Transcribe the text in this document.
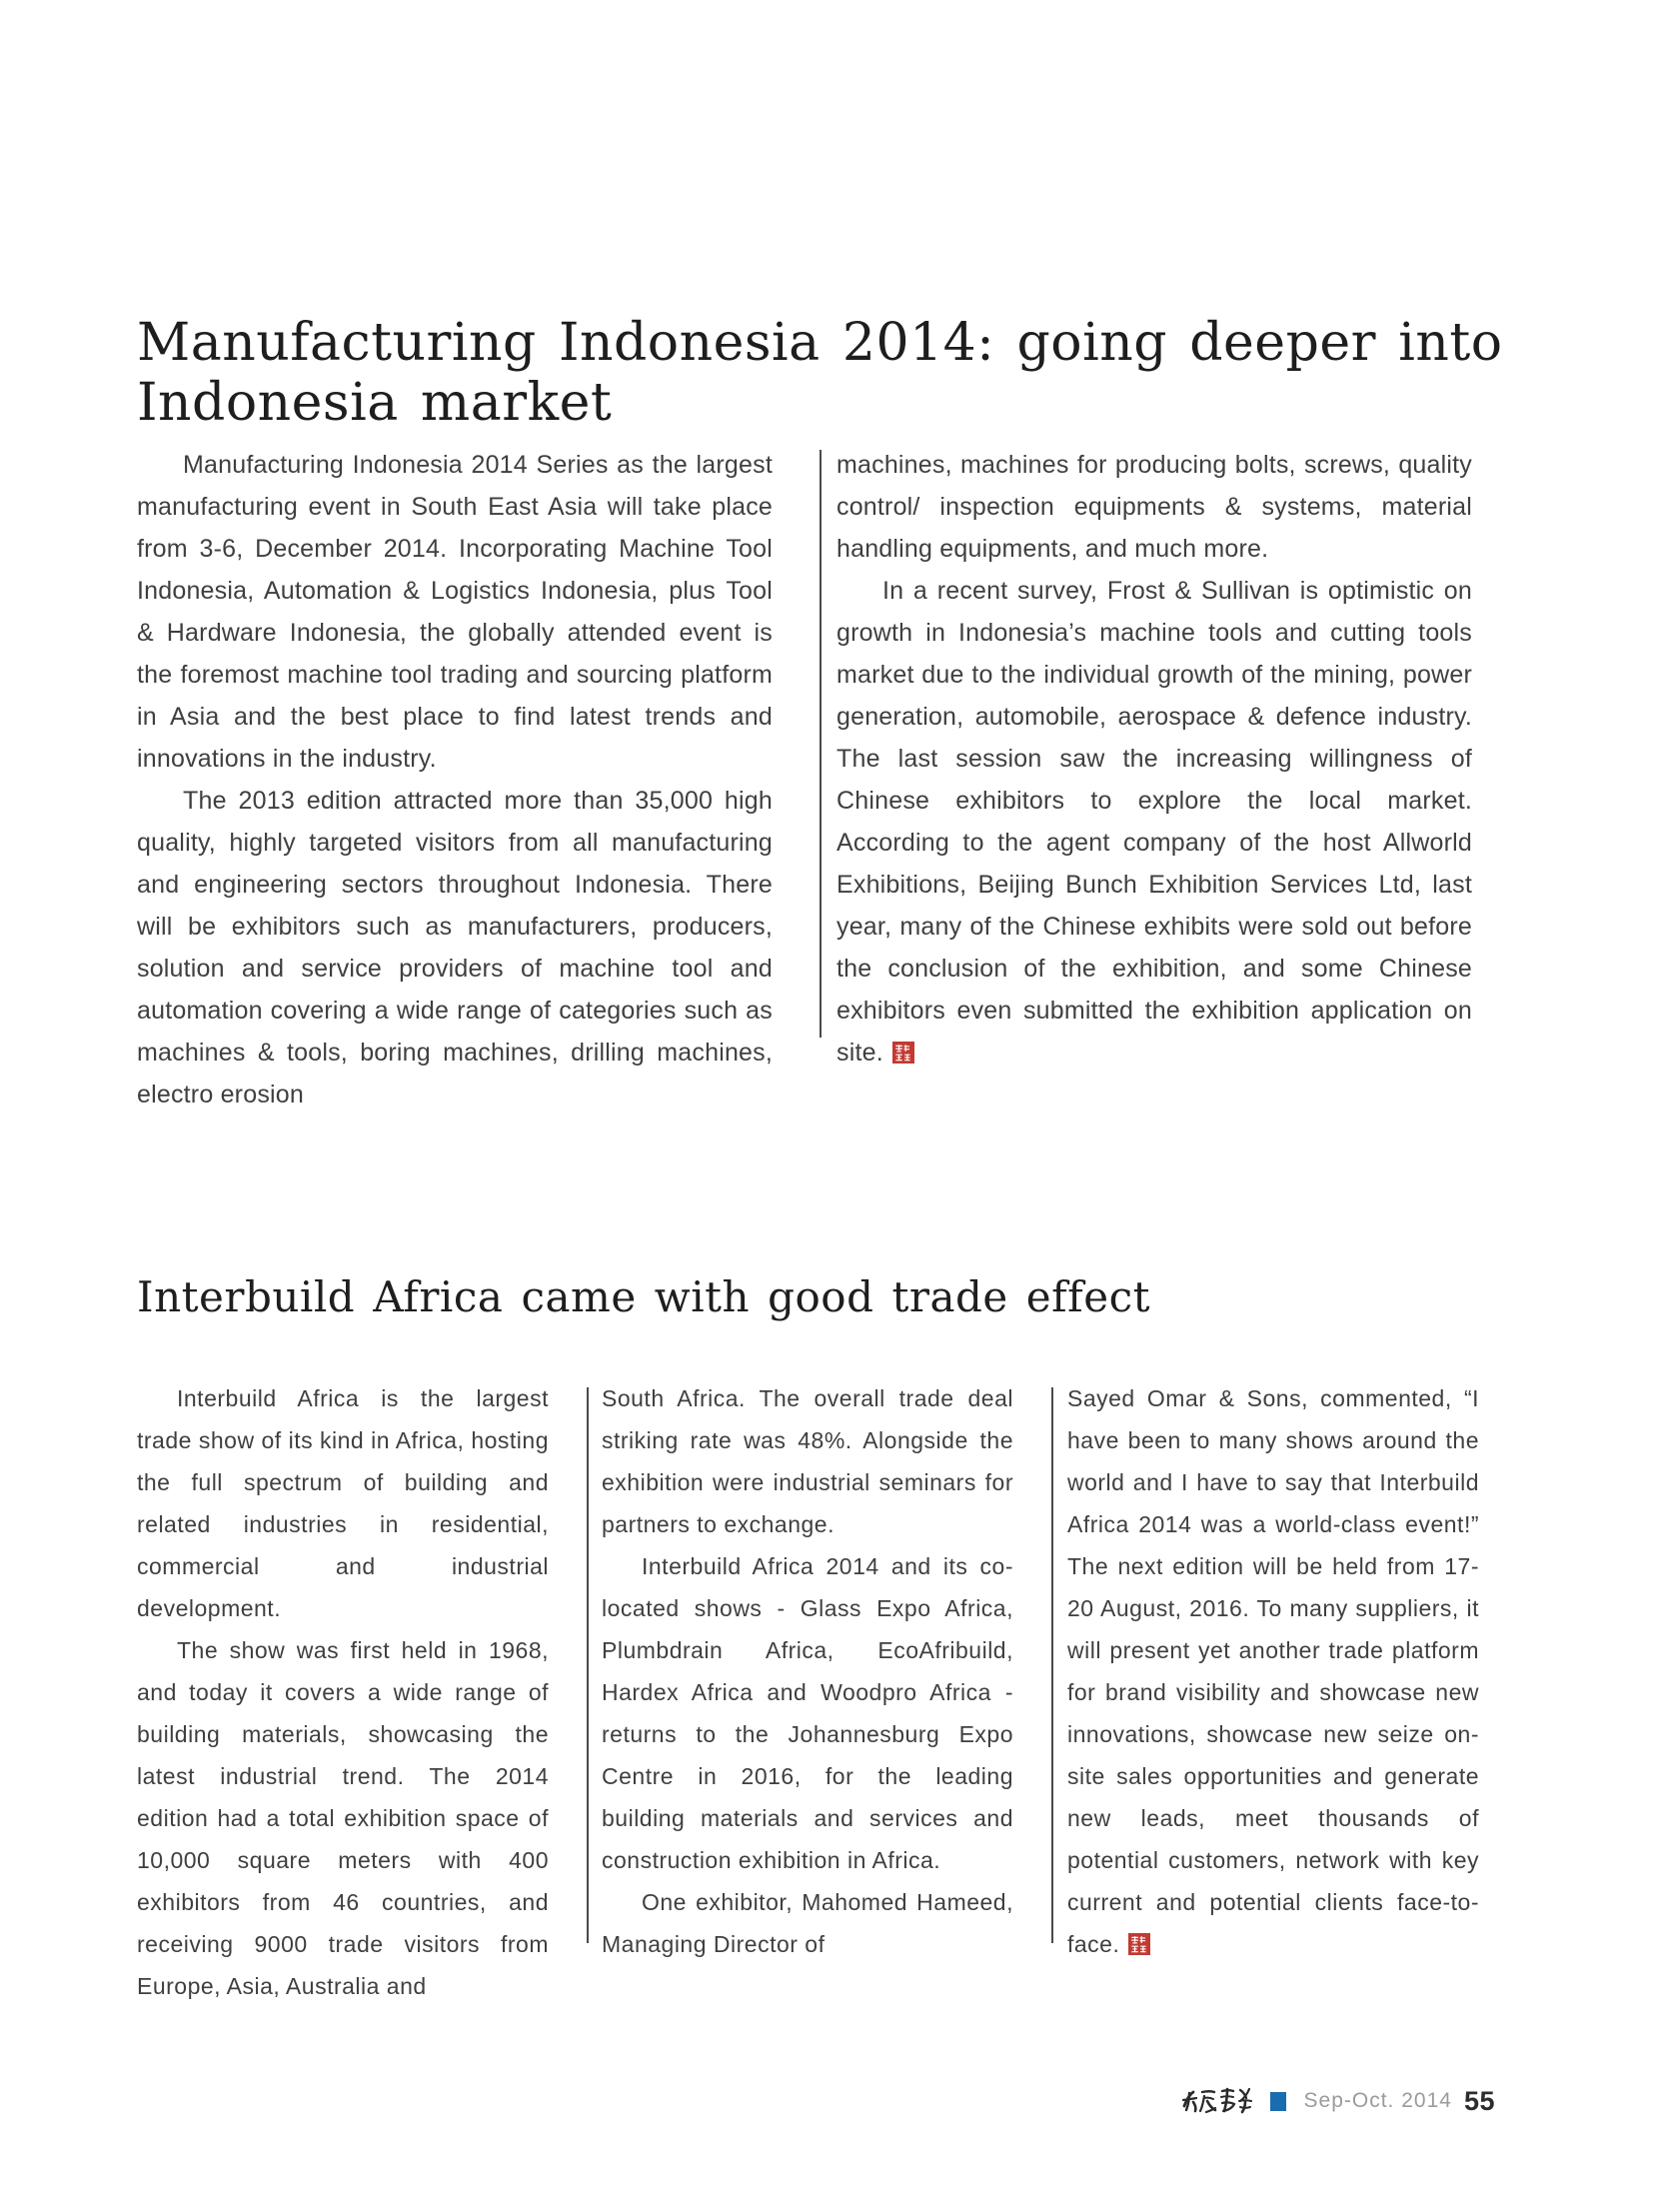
Manufacturing Indonesia 2014: going deeper into
Indonesia market

Manufacturing Indonesia 2014 Series as the largest manufacturing event in South East Asia will take place from 3-6, December 2014. Incorporating Machine Tool Indonesia, Automation & Logistics Indonesia, plus Tool & Hardware Indonesia, the globally attended event is the foremost machine tool trading and sourcing platform in Asia and the best place to find latest trends and innovations in the industry.

The 2013 edition attracted more than 35,000 high quality, highly targeted visitors from all manufacturing and engineering sectors throughout Indonesia. There will be exhibitors such as manufacturers, producers, solution and service providers of machine tool and automation covering a wide range of categories such as machines & tools, boring machines, drilling machines, electro erosion

machines, machines for producing bolts, screws, quality control/ inspection equipments & systems, material handling equipments, and much more.

In a recent survey, Frost & Sullivan is optimistic on growth in Indonesia’s machine tools and cutting tools market due to the individual growth of the mining, power generation, automobile, aerospace & defence industry. The last session saw the increasing willingness of Chinese exhibitors to explore the local market. According to the agent company of the host Allworld Exhibitions, Beijing Bunch Exhibition Services Ltd, last year, many of the Chinese exhibits were sold out before the conclusion of the exhibition, and some Chinese exhibitors even submitted the exhibition application on site.

Interbuild Africa came with good trade effect

Interbuild Africa is the largest trade show of its kind in Africa, hosting the full spectrum of building and related industries in residential, commercial and industrial development.

The show was first held in 1968, and today it covers a wide range of building materials, showcasing the latest industrial trend. The 2014 edition had a total exhibition space of 10,000 square meters with 400 exhibitors from 46 countries, and receiving 9000 trade visitors from Europe, Asia, Australia and

South Africa. The overall trade deal striking rate was 48%. Alongside the exhibition were industrial seminars for partners to exchange.

Interbuild Africa 2014 and its co-located shows - Glass Expo Africa, Plumbdrain Africa, EcoAfribuild, Hardex Africa and Woodpro Africa - returns to the Johannesburg Expo Centre in 2016, for the leading building materials and services and construction exhibition in Africa.

One exhibitor, Mahomed Hameed, Managing Director of

Sayed Omar & Sons, commented, “I have been to many shows around the world and I have to say that Interbuild Africa 2014 was a world-class event!” The next edition will be held from 17-20 August, 2016. To many suppliers, it will present yet another trade platform for brand visibility and showcase new innovations, showcase new seize on-site sales opportunities and generate new leads, meet thousands of potential customers, network with key current and potential clients face-to-face.

Sep-Oct. 2014 55
